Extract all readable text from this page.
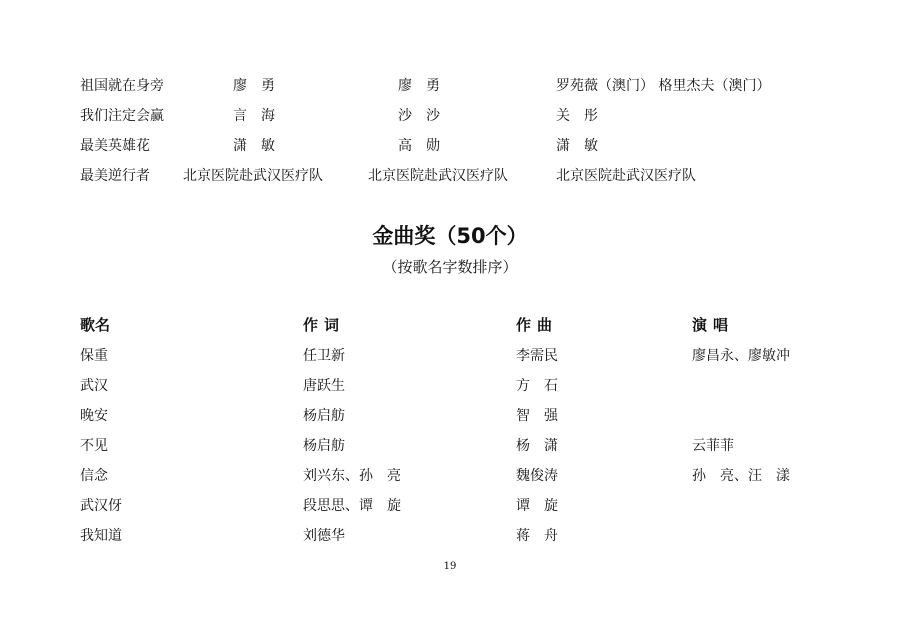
祖国就在身旁	廖　勇	廖　勇	罗苑薇（澳门） 格里杰夫（澳门）
我们注定会赢	言　海	沙　沙	关　彤
最美英雄花	潇　敏	高　勋	潇　敏
最美逆行者 北京医院赴武汉医疗队	北京医院赴武汉医疗队	北京医院赴武汉医疗队
金曲奖（50个）
（按歌名字数排序）
歌名	作词	作曲	演唱
保重	任卫新	李需民	廖昌永、廖敏冲
武汉	唐跃生	方　石
晚安	杨启舫	智　强
不见	杨启舫	杨　潇	云菲菲
信念	刘兴东、孙　亮	魏俊涛	孙　亮、汪　漾
武汉伢	段思思、谭　旋	谭　旋
我知道	刘德华	蒋　舟
19
